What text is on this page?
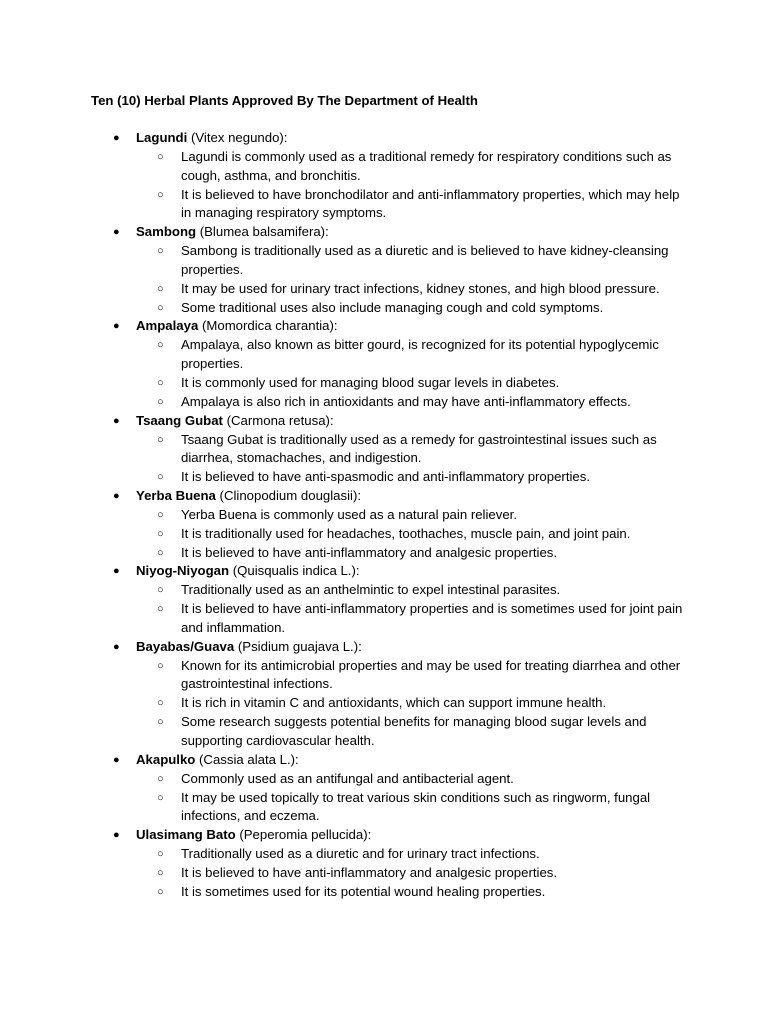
Ten (10) Herbal Plants Approved By The Department of Health
● Lagundi (Vitex negundo):
○ Lagundi is commonly used as a traditional remedy for respiratory conditions such as cough, asthma, and bronchitis.
○ It is believed to have bronchodilator and anti-inflammatory properties, which may help in managing respiratory symptoms.
● Sambong (Blumea balsamifera):
○ Sambong is traditionally used as a diuretic and is believed to have kidney-cleansing properties.
○ It may be used for urinary tract infections, kidney stones, and high blood pressure.
○ Some traditional uses also include managing cough and cold symptoms.
● Ampalaya (Momordica charantia):
○ Ampalaya, also known as bitter gourd, is recognized for its potential hypoglycemic properties.
○ It is commonly used for managing blood sugar levels in diabetes.
○ Ampalaya is also rich in antioxidants and may have anti-inflammatory effects.
● Tsaang Gubat (Carmona retusa):
○ Tsaang Gubat is traditionally used as a remedy for gastrointestinal issues such as diarrhea, stomachaches, and indigestion.
○ It is believed to have anti-spasmodic and anti-inflammatory properties.
● Yerba Buena (Clinopodium douglasii):
○ Yerba Buena is commonly used as a natural pain reliever.
○ It is traditionally used for headaches, toothaches, muscle pain, and joint pain.
○ It is believed to have anti-inflammatory and analgesic properties.
● Niyog-Niyogan (Quisqualis indica L.):
○ Traditionally used as an anthelmintic to expel intestinal parasites.
○ It is believed to have anti-inflammatory properties and is sometimes used for joint pain and inflammation.
● Bayabas/Guava (Psidium guajava L.):
○ Known for its antimicrobial properties and may be used for treating diarrhea and other gastrointestinal infections.
○ It is rich in vitamin C and antioxidants, which can support immune health.
○ Some research suggests potential benefits for managing blood sugar levels and supporting cardiovascular health.
● Akapulko (Cassia alata L.):
○ Commonly used as an antifungal and antibacterial agent.
○ It may be used topically to treat various skin conditions such as ringworm, fungal infections, and eczema.
● Ulasimang Bato (Peperomia pellucida):
○ Traditionally used as a diuretic and for urinary tract infections.
○ It is believed to have anti-inflammatory and analgesic properties.
○ It is sometimes used for its potential wound healing properties.
